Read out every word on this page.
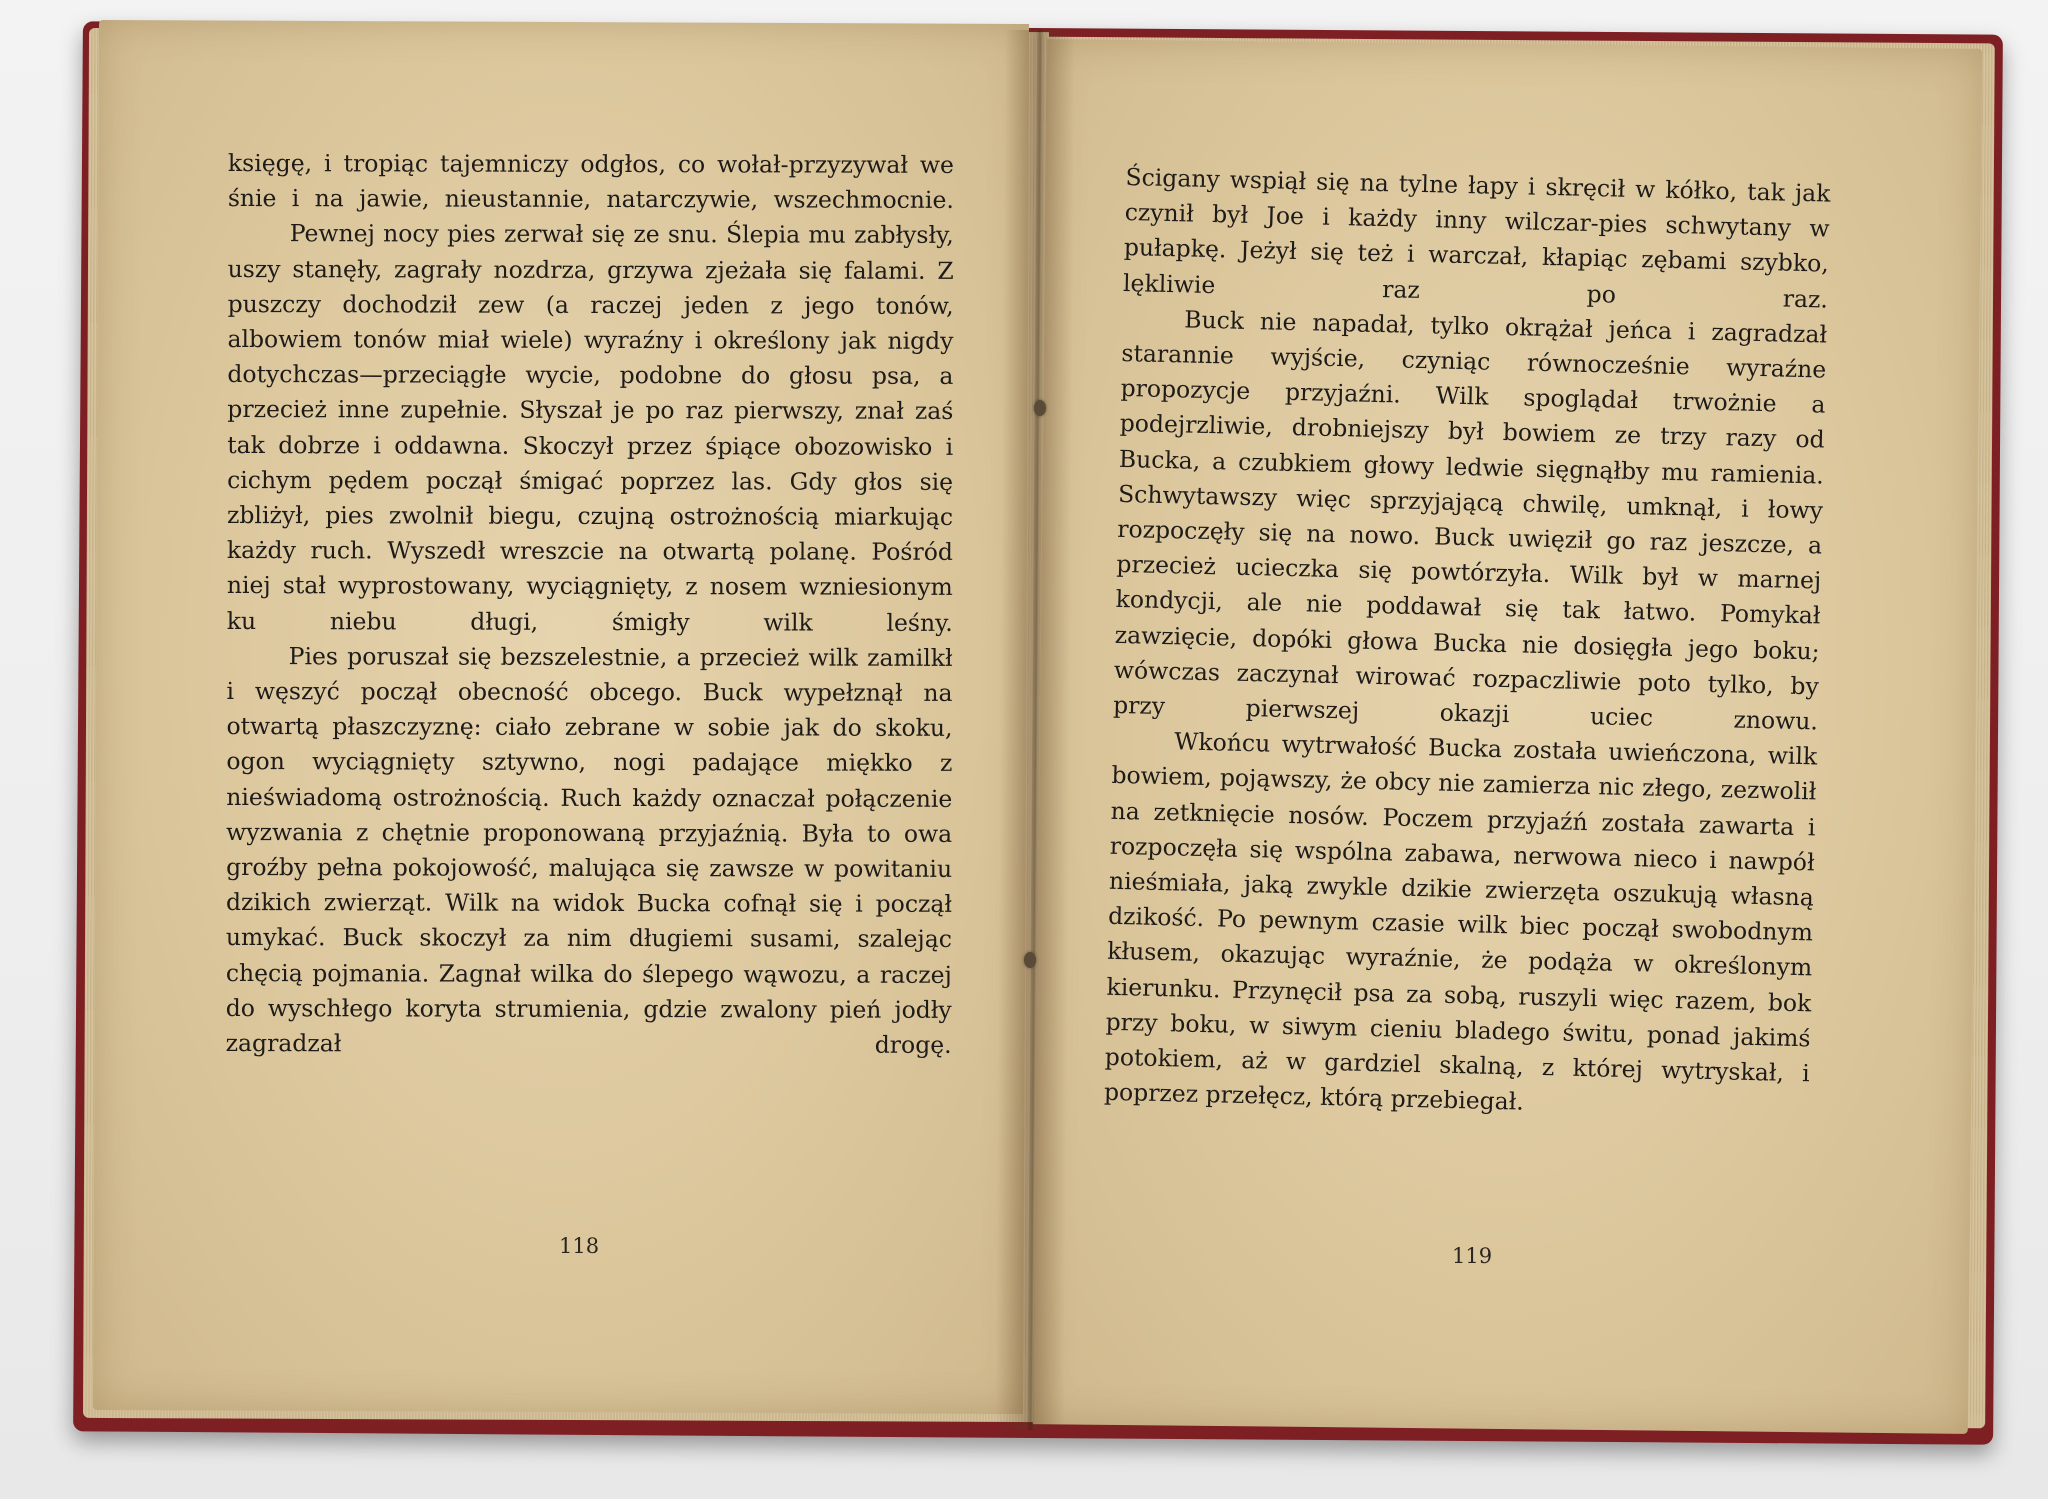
księgę, i tropiąc tajemniczy odgłos, co wołał-przyzywał we śnie i na jawie, nieustannie, natarczywie, wszechmocnie.

Pewnej nocy pies zerwał się ze snu. Ślepia mu zabłysły, uszy stanęły, zagrały nozdrza, grzywa zjeżała się falami. Z puszczy dochodził zew (a raczej jeden z jego tonów, albowiem tonów miał wiele) wyraźny i określony jak nigdy dotychczas—przeciągłe wycie, podobne do głosu psa, a przecież inne zupełnie. Słyszał je po raz pierwszy, znał zaś tak dobrze i oddawna. Skoczył przez śpiące obozowisko i cichym pędem począł śmigać poprzez las. Gdy głos się zbliżył, pies zwolnił biegu, czujną ostrożnością miarkując każdy ruch. Wyszedł wreszcie na otwartą polanę. Pośród niej stał wyprostowany, wyciągnięty, z nosem wzniesionym ku niebu długi, śmigły wilk leśny.

Pies poruszał się bezszelestnie, a przecież wilk zamilkł i węszyć począł obecność obcego. Buck wypełznął na otwartą płaszczyznę: ciało zebrane w sobie jak do skoku, ogon wyciągnięty sztywno, nogi padające miękko z nieświadomą ostrożnością. Ruch każdy oznaczał połączenie wyzwania z chętnie proponowaną przyjaźnią. Była to owa groźby pełna pokojowość, malująca się zawsze w powitaniu dzikich zwierząt. Wilk na widok Bucka cofnął się i począł umykać. Buck skoczył za nim długiemi susami, szalejąc chęcią pojmania. Zagnał wilka do ślepego wąwozu, a raczej do wyschłego koryta strumienia, gdzie zwalony pień jodły zagradzał drogę.

Ścigany wspiął się na tylne łapy i skręcił w kółko, tak jak czynił był Joe i każdy inny wilczar-pies schwytany w pułapkę. Jeżył się też i warczał, kłapiąc zębami szybko, lękliwie raz po raz.

Buck nie napadał, tylko okrążał jeńca i zagradzał starannie wyjście, czyniąc równocześnie wyraźne propozycje przyjaźni. Wilk spoglądał trwożnie a podejrzliwie, drobniejszy był bowiem ze trzy razy od Bucka, a czubkiem głowy ledwie sięgnąłby mu ramienia. Schwytawszy więc sprzyjającą chwilę, umknął, i łowy rozpoczęły się na nowo. Buck uwięził go raz jeszcze, a przecież ucieczka się powtórzyła. Wilk był w marnej kondycji, ale nie poddawał się tak łatwo. Pomykał zawzięcie, dopóki głowa Bucka nie dosięgła jego boku; wówczas zaczynał wirować rozpaczliwie poto tylko, by przy pierwszej okazji uciec znowu.

Wkońcu wytrwałość Bucka została uwieńczona, wilk bowiem, pojąwszy, że obcy nie zamierza nic złego, zezwolił na zetknięcie nosów. Poczem przyjaźń została zawarta i rozpoczęła się wspólna zabawa, nerwowa nieco i nawpół nieśmiała, jaką zwykle dzikie zwierzęta oszukują własną dzikość. Po pewnym czasie wilk biec począł swobodnym kłusem, okazując wyraźnie, że podąża w określonym kierunku. Przynęcił psa za sobą, ruszyli więc razem, bok przy boku, w siwym cieniu bladego świtu, ponad jakimś potokiem, aż w gardziel skalną, z której wytryskał, i poprzez przełęcz, którą przebiegał.

118	119
